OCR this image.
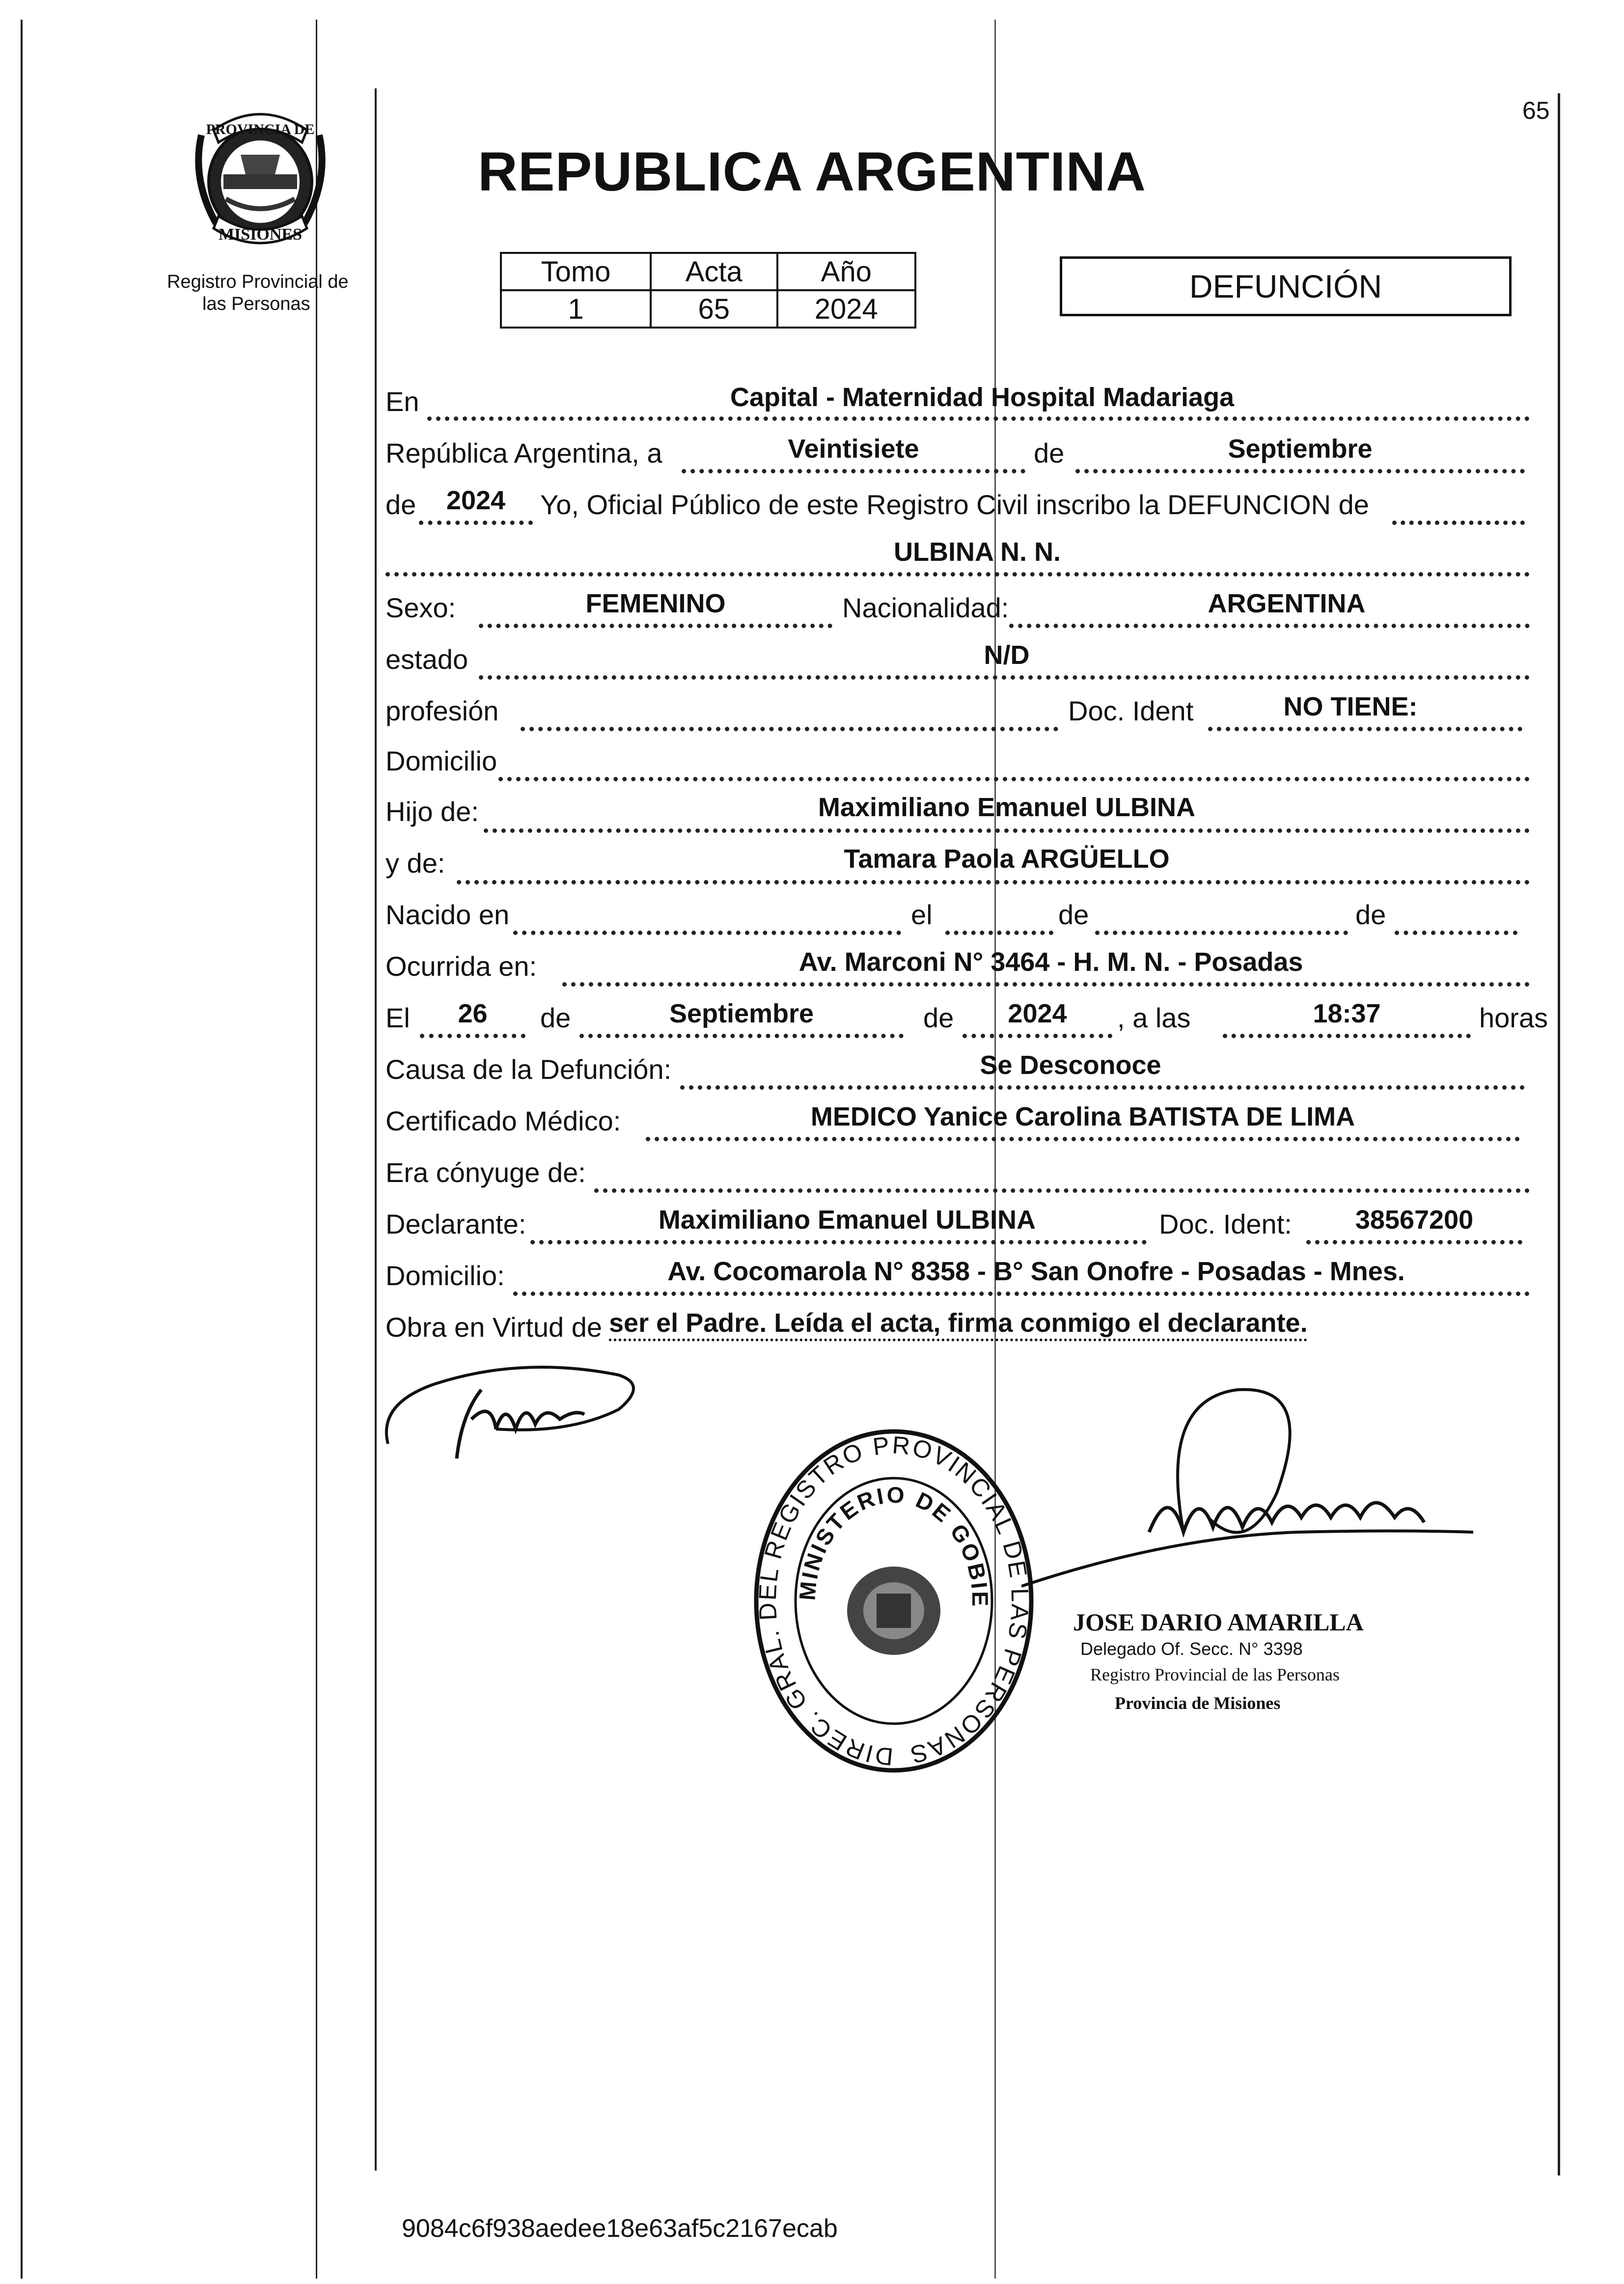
65
PROVINCIA DE
MISIONES
Registro Provincial de
las Personas
REPUBLICA ARGENTINA
Tomo	Acta	Año
1	65	2024
DEFUNCIÓN
En	Capital - Maternidad Hospital Madariaga
República Argentina, a	Veintisiete	de	Septiembre
de	2024	Yo, Oficial Público de este Registro Civil inscribo la DEFUNCION de
ULBINA N. N.
Sexo:	FEMENINO	Nacionalidad:	ARGENTINA
estado	N/D
profesión	Doc. Ident	NO TIENE:
Domicilio
Hijo de:	Maximiliano Emanuel ULBINA
y de:	Tamara Paola ARGÜELLO
Nacido en	el	de	de
Ocurrida en:	Av. Marconi N° 3464 - H. M. N. - Posadas
El	26	de	Septiembre	de	2024	, a las	18:37	horas
Causa de la Defunción:	Se Desconoce
Certificado Médico:	MEDICO Yanice Carolina BATISTA DE LIMA
Era cónyuge de:
Declarante:	Maximiliano Emanuel ULBINA	Doc. Ident:	38567200
Domicilio:	Av. Cocomarola N° 8358 - B° San Onofre - Posadas - Mnes.
Obra en Virtud de ser el Padre. Leída el acta, firma conmigo el declarante.
DIREC. GRAL. DEL REGISTRO PROVINCIAL DE LAS PERSONAS
MINISTERIO DE GOBIE
JOSE DARIO AMARILLA
Delegado Of. Secc. N° 3398
Registro Provincial de las Personas
Provincia de Misiones
9084c6f938aedee18e63af5c2167ecab
